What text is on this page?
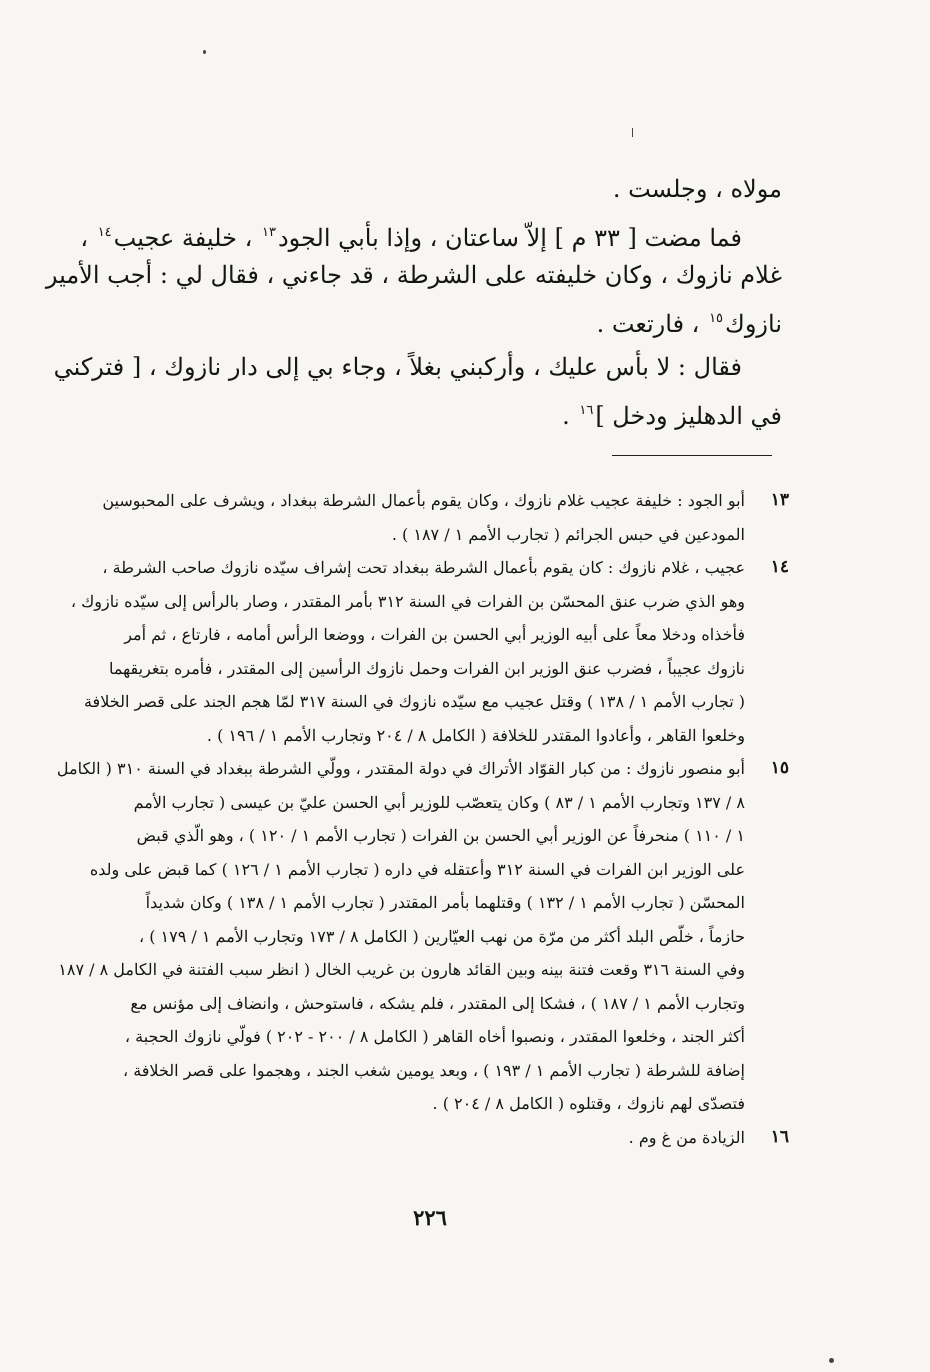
مولاه ، وجلست .
فما مضت [ ٣٣ م ] إلاّ ساعتان ، وإذا بأبي الجود$^{١٣}$ ، خليفة عجيب$^{١٤}$ ،
غلام نازوك ، وكان خليفته على الشرطة ، قد جاءني ، فقال لي : أجب الأمير
نازوك$^{١٥}$ ، فارتعت .
فقال : لا بأس عليك ، وأركبني بغلاً ، وجاء بي إلى دار نازوك ، [ فتركني
في الدهليز ودخل ]$^{١٦}$ .
١٣
أبو الجود : خليفة عجيب غلام نازوك ، وكان يقوم بأعمال الشرطة ببغداد ، ويشرف على المحبوسين
المودعين في حبس الجرائم ( تجارب الأمم ١ / ١٨٧ ) .
١٤
عجيب ، غلام نازوك : كان يقوم بأعمال الشرطة ببغداد تحت إشراف سيّده نازوك صاحب الشرطة ،
وهو الذي ضرب عنق المحسّن بن الفرات في السنة ٣١٢ بأمر المقتدر ، وصار بالرأس إلى سيّده نازوك ،
فأخذاه ودخلا معاً على أبيه الوزير أبي الحسن بن الفرات ، ووضعا الرأس أمامه ، فارتاع ، ثم أمر
نازوك عجيباً ، فضرب عنق الوزير ابن الفرات وحمل نازوك الرأسين إلى المقتدر ، فأمره بتغريقهما
( تجارب الأمم ١ / ١٣٨ ) وقتل عجيب مع سيّده نازوك في السنة ٣١٧ لمّا هجم الجند على قصر الخلافة
وخلعوا القاهر ، وأعادوا المقتدر للخلافة ( الكامل ٨ / ٢٠٤ وتجارب الأمم ١ / ١٩٦ ) .
١٥
أبو منصور نازوك : من كبار القوّاد الأتراك في دولة المقتدر ، وولّي الشرطة ببغداد في السنة ٣١٠ ( الكامل
٨ / ١٣٧ وتجارب الأمم ١ / ٨٣ ) وكان يتعصّب للوزير أبي الحسن عليّ بن عيسى ( تجارب الأمم
١ / ١١٠ ) منحرفاً عن الوزير أبي الحسن بن الفرات ( تجارب الأمم ١ / ١٢٠ ) ، وهو الّذي قبض
على الوزير ابن الفرات في السنة ٣١٢ وأعتقله في داره ( تجارب الأمم ١ / ١٢٦ ) كما قبض على ولده
المحسّن ( تجارب الأمم ١ / ١٣٢ ) وقتلهما بأمر المقتدر ( تجارب الأمم ١ / ١٣٨ ) وكان شديداً
حازماً ، خلّص البلد أكثر من مرّة من نهب العيّارين ( الكامل ٨ / ١٧٣ وتجارب الأمم ١ / ١٧٩ ) ،
وفي السنة ٣١٦ وقعت فتنة بينه وبين القائد هارون بن غريب الخال ( انظر سبب الفتنة في الكامل ٨ / ١٨٧
وتجارب الأمم ١ / ١٨٧ ) ، فشكا إلى المقتدر ، فلم يشكه ، فاستوحش ، وانضاف إلى مؤنس مع
أكثر الجند ، وخلعوا المقتدر ، ونصبوا أخاه القاهر ( الكامل ٨ / ٢٠٠ - ٢٠٢ ) فولّي نازوك الحجبة ،
إضافة للشرطة ( تجارب الأمم ١ / ١٩٣ ) ، وبعد يومين شغب الجند ، وهجموا على قصر الخلافة ،
فتصدّى لهم نازوك ، وقتلوه ( الكامل ٨ / ٢٠٤ ) .
١٦
الزيادة من غ وم .
٢٢٦
